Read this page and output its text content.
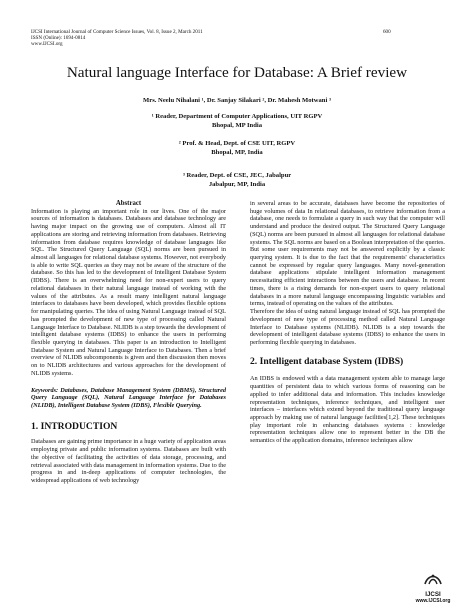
IJCSI International Journal of Computer Science Issues, Vol. 8, Issue 2, March 2011
ISSN (Online): 1694-0814
www.IJCSI.org
600
Natural language Interface for Database: A Brief review
Mrs. Neelu Nihalani ¹, Dr. Sanjay Silakari ², Dr. Mahesh Motwani ³
¹ Reader, Department of Computer Applications, UIT RGPV
Bhopal, MP India
² Prof. & Head, Dept. of CSE UIT, RGPV
Bhopal, MP, India
³ Reader, Dept. of CSE, JEC, Jabalpur
Jabalpur, MP, India

Abstract

Information is playing an important role in our lives. One of the major sources of information is databases. Databases and database technology are having major impact on the growing use of computers. Almost all IT applications are storing and retrieving information from databases. Retrieving information from database requires knowledge of database languages like SQL. The Structured Query Language (SQL) norms are been pursued in almost all languages for relational database systems. However, not everybody is able to write SQL queries as they may not be aware of the structure of the database. So this has led to the development of Intelligent Database System (IDBS). There is an overwhelming need for non-expert users to query relational databases in their natural language instead of working with the values of the attributes. As a result many intelligent natural language interfaces to databases have been developed, which provides flexible options for manipulating queries. The idea of using Natural Language instead of SQL has prompted the development of new type of processing called Natural Language Interface to Database. NLIDB is a step towards the development of intelligent database systems (IDBS) to enhance the users in performing flexible querying in databases. This paper is an introduction to Intelligent Database System and Natural Language Interface to Databases. Then a brief overview of NLIDB subcomponents is given and then discussion then moves on to NLIDB architectures and various approaches for the development of NLIDB systems.

Keywords: Databases, Database Management System (DBMS), Structured Query Language (SQL), Natural Language Interface for Databases (NLIDB), Intelligent Database System (IDBS), Flexible Querying.

1. INTRODUCTION

Databases are gaining prime importance in a huge variety of application areas employing private and public information systems. Databases are built with the objective of facilitating the activities of data storage, processing, and retrieval associated with data management in information systems. Due to the progress in and in-deep applications of computer technologies, the widespread applications of web technology

in several areas to be accurate, databases have become the repositories of huge volumes of data In relational databases, to retrieve information from a database, one needs to formulate a query in such way that the computer will understand and produce the desired output. The Structured Query Language (SQL) norms are been pursued in almost all languages for relational database systems. The SQL norms are based on a Boolean interpretation of the queries. But some user requirements may not be answered explicitly by a classic querying system. It is due to the fact that the requirements' characteristics cannot be expressed by regular query languages. Many novel-generation database applications stipulate intelligent information management necessitating efficient interactions between the users and database. In recent times, there is a rising demands for non-expert users to query relational databases in a more natural language encompassing linguistic variables and terms, instead of operating on the values of the attributes.

Therefore the idea of using natural language instead of SQL has prompted the development of new type of processing method called Natural Language Interface to Database systems (NLIDB). NLIDB is a step towards the development of intelligent database systems (IDBS) to enhance the users in performing flexible querying in databases.

2. Intelligent database System (IDBS)

An IDBS is endowed with a data management system able to manage large quantities of persistent data to which various forms of reasoning can be applied to infer additional data and information. This includes knowledge representation techniques, inference techniques, and intelligent user interfaces – interfaces which extend beyond the traditional query language approach by making use of natural language facilities[1,2]. These techniques play important role in enhancing databases systems : knowledge representation techniques allow one to represent better in the DB the semantics of the application domains, inference techniques allow

IJCSI
www.IJCSI.org
